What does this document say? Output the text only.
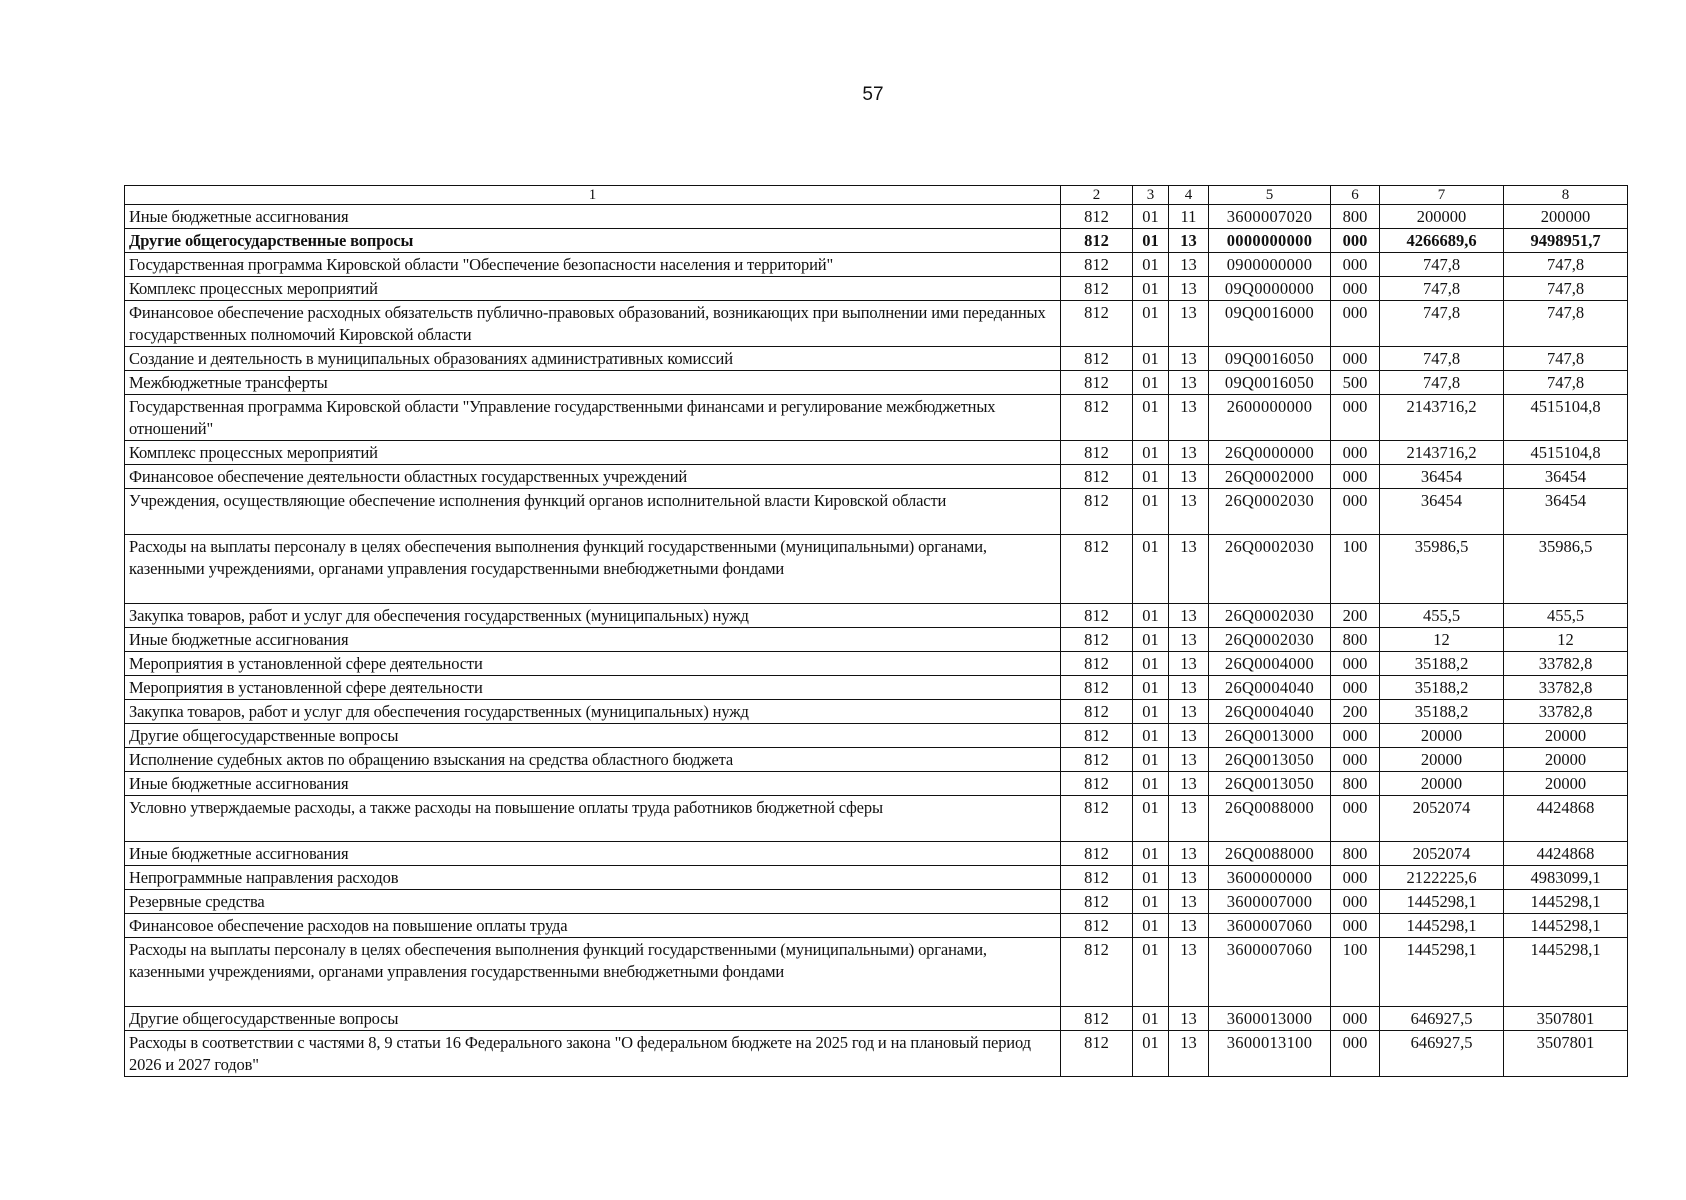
57
1	2	3	4	5	6	7	8
Иные бюджетные ассигнования	812	01	11	3600007020	800	200000	200000
Другие общегосударственные вопросы	812	01	13	0000000000	000	4266689,6	9498951,7
Государственная программа Кировской области "Обеспечение безопасности населения и территорий"	812	01	13	0900000000	000	747,8	747,8
Комплекс процессных мероприятий	812	01	13	09Q0000000	000	747,8	747,8
Финансовое обеспечение расходных обязательств публично-правовых образований, возникающих при выполнении ими переданных государственных полномочий Кировской области	812	01	13	09Q0016000	000	747,8	747,8
Создание и деятельность в муниципальных образованиях административных комиссий	812	01	13	09Q0016050	000	747,8	747,8
Межбюджетные трансферты	812	01	13	09Q0016050	500	747,8	747,8
Государственная программа Кировской области "Управление государственными финансами и регулирование межбюджетных отношений"	812	01	13	2600000000	000	2143716,2	4515104,8
Комплекс процессных мероприятий	812	01	13	26Q0000000	000	2143716,2	4515104,8
Финансовое обеспечение деятельности областных государственных учреждений	812	01	13	26Q0002000	000	36454	36454
Учреждения, осуществляющие обеспечение исполнения функций органов исполнительной власти Кировской области	812	01	13	26Q0002030	000	36454	36454
Расходы на выплаты персоналу в целях обеспечения выполнения функций государственными (муниципальными) органами, казенными учреждениями, органами управления государственными внебюджетными фондами	812	01	13	26Q0002030	100	35986,5	35986,5
Закупка товаров, работ и услуг для обеспечения государственных (муниципальных) нужд	812	01	13	26Q0002030	200	455,5	455,5
Иные бюджетные ассигнования	812	01	13	26Q0002030	800	12	12
Мероприятия в установленной сфере деятельности	812	01	13	26Q0004000	000	35188,2	33782,8
Мероприятия в установленной сфере деятельности	812	01	13	26Q0004040	000	35188,2	33782,8
Закупка товаров, работ и услуг для обеспечения государственных (муниципальных) нужд	812	01	13	26Q0004040	200	35188,2	33782,8
Другие общегосударственные вопросы	812	01	13	26Q0013000	000	20000	20000
Исполнение судебных актов по обращению взыскания на средства областного бюджета	812	01	13	26Q0013050	000	20000	20000
Иные бюджетные ассигнования	812	01	13	26Q0013050	800	20000	20000
Условно утверждаемые расходы, а также расходы на повышение оплаты труда работников бюджетной сферы	812	01	13	26Q0088000	000	2052074	4424868
Иные бюджетные ассигнования	812	01	13	26Q0088000	800	2052074	4424868
Непрограммные направления расходов	812	01	13	3600000000	000	2122225,6	4983099,1
Резервные средства	812	01	13	3600007000	000	1445298,1	1445298,1
Финансовое обеспечение расходов на повышение оплаты труда	812	01	13	3600007060	000	1445298,1	1445298,1
Расходы на выплаты персоналу в целях обеспечения выполнения функций государственными (муниципальными) органами, казенными учреждениями, органами управления государственными внебюджетными фондами	812	01	13	3600007060	100	1445298,1	1445298,1
Другие общегосударственные вопросы	812	01	13	3600013000	000	646927,5	3507801
Расходы в соответствии с частями 8, 9 статьи 16 Федерального закона "О федеральном бюджете на 2025 год и на плановый период 2026 и 2027 годов"	812	01	13	3600013100	000	646927,5	3507801
